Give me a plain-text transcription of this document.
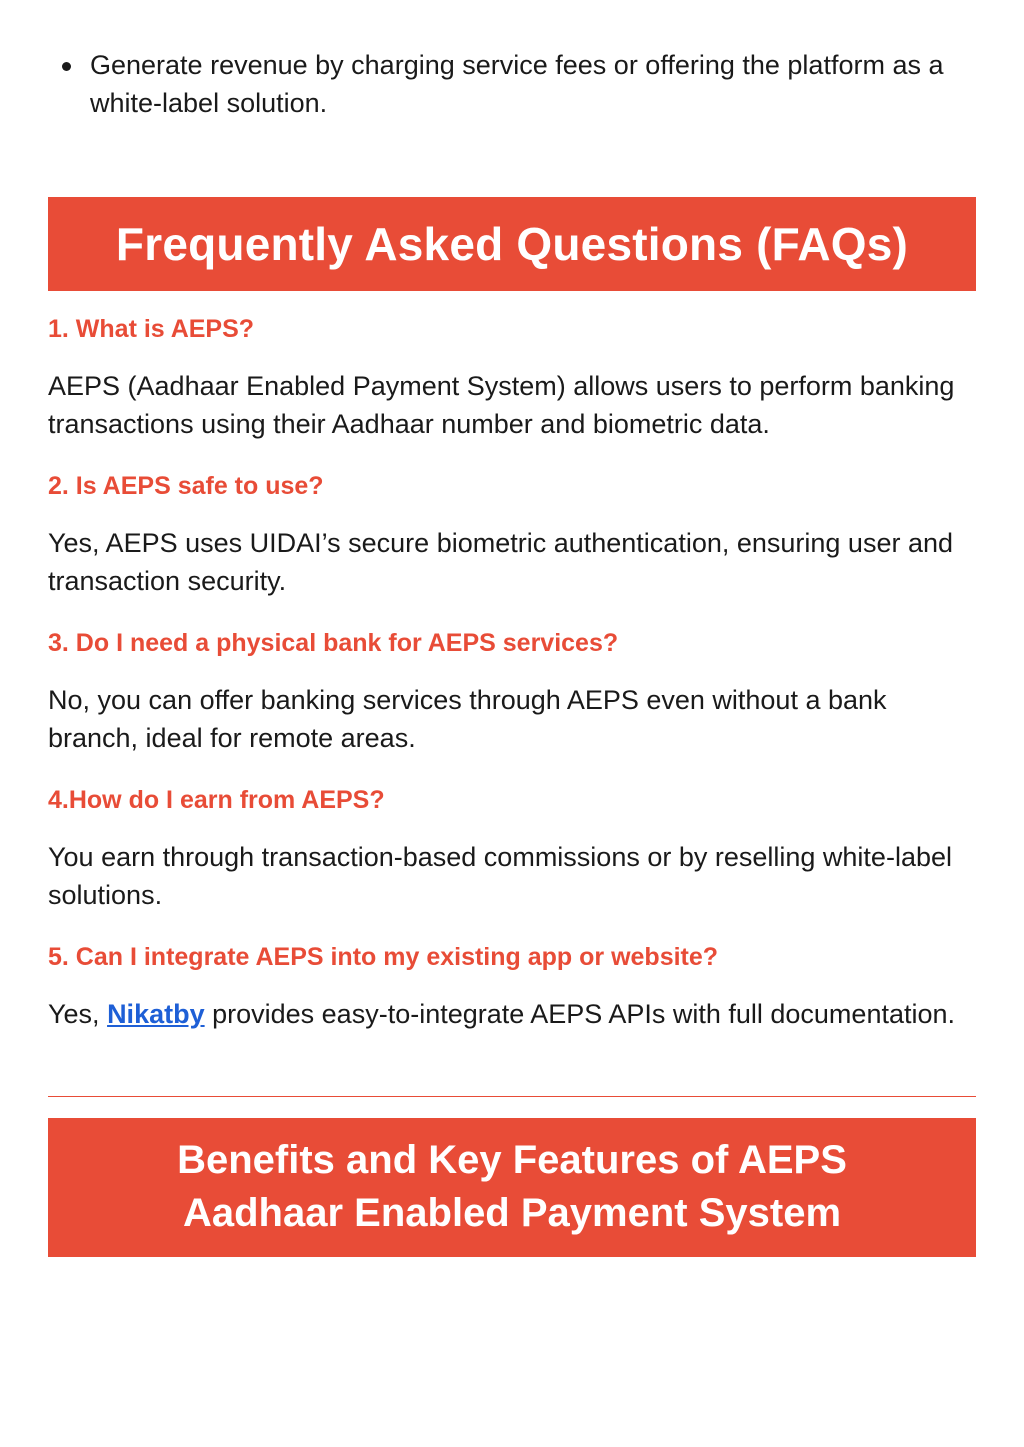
Generate revenue by charging service fees or offering the platform as a white-label solution.
Frequently Asked Questions (FAQs)

1. What is AEPS?

AEPS (Aadhaar Enabled Payment System) allows users to perform banking transactions using their Aadhaar number and biometric data.

2. Is AEPS safe to use?

Yes, AEPS uses UIDAI’s secure biometric authentication, ensuring user and transaction security.

3. Do I need a physical bank for AEPS services?

No, you can offer banking services through AEPS even without a bank branch, ideal for remote areas.

4.How do I earn from AEPS?

You earn through transaction-based commissions or by reselling white-label solutions.

5. Can I integrate AEPS into my existing app or website?

Yes, Nikatby provides easy-to-integrate AEPS APIs with full documentation.

Benefits and Key Features of AEPS
Aadhaar Enabled Payment System
